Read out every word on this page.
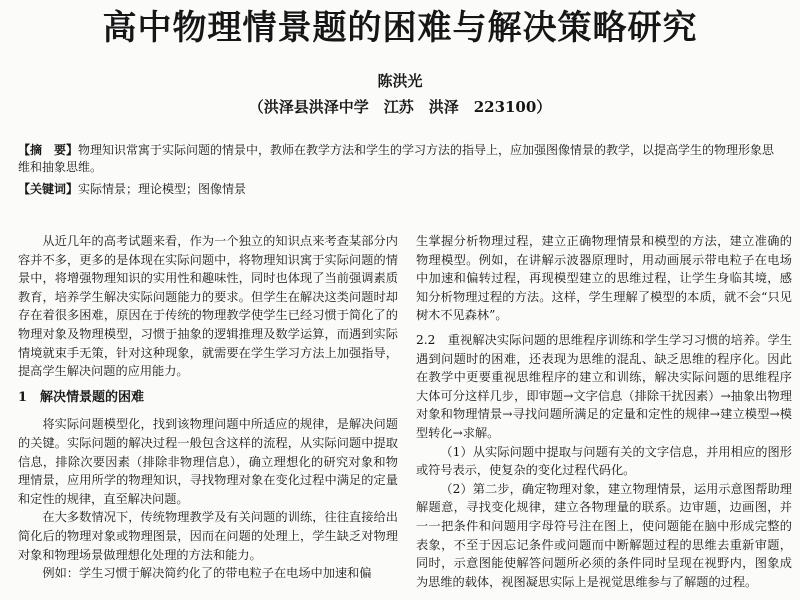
高中物理情景题的困难与解决策略研究
陈洪光
（洪泽县洪泽中学　江苏　洪泽　223100）
【摘　要】物理知识常寓于实际问题的情景中，教师在教学方法和学生的学习方法的指导上，应加强图像情景的教学，以提高学生的物理形象思维和抽象思维。
【关键词】实际情景；理论模型；图像情景

从近几年的高考试题来看，作为一个独立的知识点来考查某部分内容并不多，更多的是体现在实际问题中，将物理知识寓于实际问题的情景中，将增强物理知识的实用性和趣味性，同时也体现了当前强调素质教育，培养学生解决实际问题能力的要求。但学生在解决这类问题时却存在着很多困难，原因在于传统的物理教学使学生已经习惯于简化了的物理对象及物理模型，习惯于抽象的逻辑推理及数学运算，而遇到实际情境就束手无策，针对这种现象，就需要在学生学习方法上加强指导，提高学生解决问题的应用能力。

1　解决情景题的困难

将实际问题模型化，找到该物理问题中所适应的规律，是解决问题的关键。实际问题的解决过程一般包含这样的流程，从实际问题中提取信息，排除次要因素（排除非物理信息），确立理想化的研究对象和物理情景，应用所学的物理知识，寻找物理对象在变化过程中满足的定量和定性的规律，直至解决问题。

在大多数情况下，传统物理教学及有关问题的训练，往往直接给出简化后的物理对象或物理图景，因而在问题的处理上，学生缺乏对物理对象和物理场景做理想化处理的方法和能力。

例如：学生习惯于解决简约化了的带电粒子在电场中加速和偏

生掌握分析物理过程，建立正确物理情景和模型的方法，建立准确的物理模型。例如，在讲解示波器原理时，用动画展示带电粒子在电场中加速和偏转过程，再现模型建立的思维过程，让学生身临其境，感知分析物理过程的方法。这样，学生理解了模型的本质，就不会“只见树木不见森林”。

2.2　重视解决实际问题的思维程序训练和学生学习习惯的培养。学生遇到问题时的困难，还表现为思维的混乱、缺乏思维的程序化。因此在教学中更要重视思维程序的建立和训练，解决实际问题的思维程序大体可分这样几步，即审题→文字信息（排除干扰因素）→抽象出物理对象和物理情景→寻找问题所满足的定量和定性的规律→建立模型→模型转化→求解。

（1）从实际问题中提取与问题有关的文字信息，并用相应的图形或符号表示，使复杂的变化过程代码化。

（2）第二步，确定物理对象，建立物理情景，运用示意图帮助理解题意，寻找变化规律，建立各物理量的联系。边审题，边画图，并一一把条件和问题用字母符号注在图上，使问题能在脑中形成完整的表象，不至于因忘记条件或问题而中断解题过程的思维去重新审题，同时，示意图能使解答问题所必须的条件同时呈现在视野内，图象成为思维的载体，视图凝思实际上是视觉思维参与了解题的过程。
